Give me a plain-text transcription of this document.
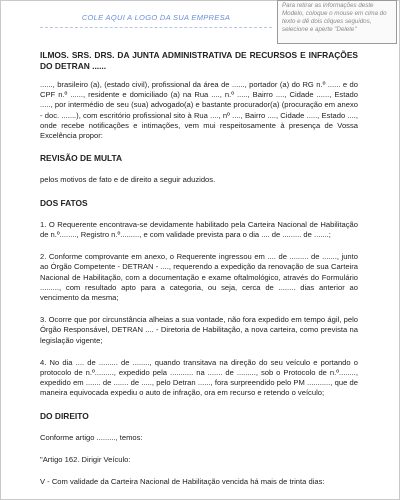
COLE AQUI A LOGO DA SUA EMPRESA
Para retirar as informações deste Modelo, coloque o mouse em cima do texto e dê dois cliques seguidos, selecione e aperte "Delete"
ILMOS. SRS. DRS. DA JUNTA ADMINISTRATIVA DE RECURSOS E INFRAÇÕES DO DETRAN ......
......, brasileiro (a), (estado civil), profissional da área de ......, portador (a) do RG n.º ...... e do CPF n.º ......, residente e domiciliado (a) na Rua ...., n.º ....., Bairro ...., Cidade ......, Estado ....., por intermédio de seu (sua) advogado(a) e bastante procurador(a) (procuração em anexo - doc. .......), com escritório profissional sito à Rua ...., nº ...., Bairro ...., Cidade ....., Estado ...., onde recebe notificações e intimações, vem mui respeitosamente à presença de Vossa Excelência propor:
REVISÃO DE MULTA
pelos motivos de fato e de direito a seguir aduzidos.
DOS FATOS
1. O Requerente encontrava-se devidamente habilitado pela Carteira Nacional de Habilitação de n.º........, Registro n.º........., e com validade prevista para o dia .... de ......... de .......;
2. Conforme comprovante em anexo, o Requerente ingressou em .... de ......... de ......., junto ao Órgão Competente - DETRAN - ...., requerendo a expedição da renovação de sua Carteira Nacional de Habilitação, com a documentação e exame oftalmológico, através do Formulário ........., com resultado apto para a categoria, ou seja, cerca de ........ dias anterior ao vencimento da mesma;
3. Ocorre que por circunstância alheias a sua vontade, não fora expedido em tempo ágil, pelo Órgão Responsável, DETRAN .... - Diretoria de Habilitação, a nova carteira, como prevista na legislação vigente;
4. No dia .... de ......... de ........, quando transitava na direção do seu veículo e portando o protocolo de n.º........., expedido pela ........... na ....... de ........., sob o Protocolo de n.º........, expedido em ....... de ....... de ....., pelo Detran ......, fora surpreendido pelo PM ..........., que de maneira equivocada expediu o auto de infração, ora em recurso e retendo o veículo;
DO DIREITO
Conforme artigo ........., temos:
"Artigo 162. Dirigir Veículo:
V - Com validade da Carteira Nacional de Habilitação vencida há mais de trinta dias:
